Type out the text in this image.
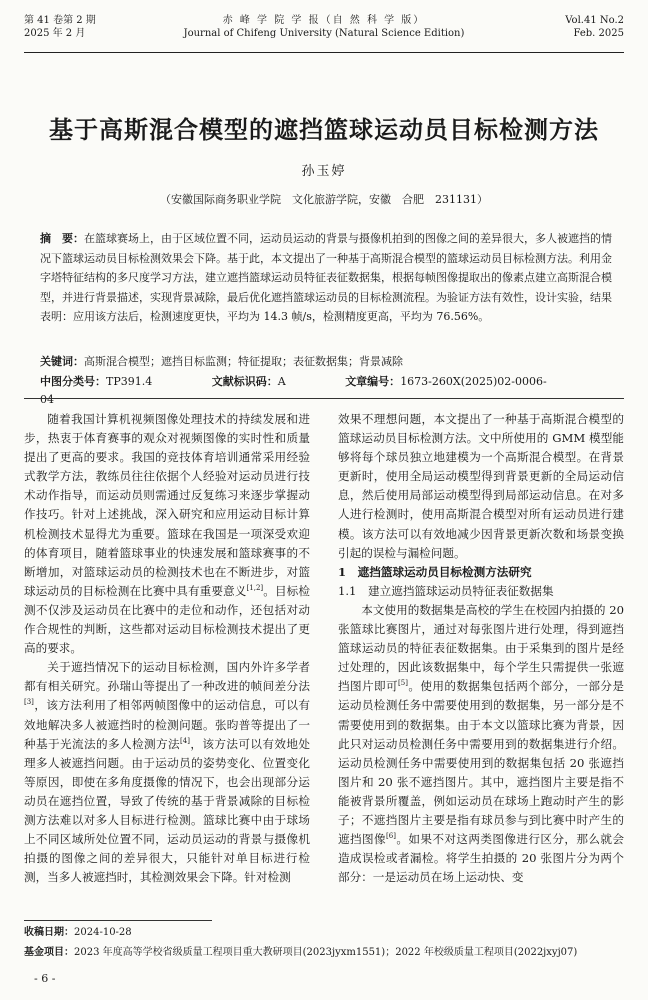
第 41 卷第 2 期
2025 年 2 月
赤 峰 学 院 学 报（自 然 科 学 版）
Journal of Chifeng University (Natural Science Edition)
Vol.41 No.2
Feb. 2025
基于高斯混合模型的遮挡篮球运动员目标检测方法
孙玉婷
（安徽国际商务职业学院　文化旅游学院，安徽　合肥　231131）
摘　要：在篮球赛场上，由于区域位置不同，运动员运动的背景与摄像机拍到的图像之间的差异很大，多人被遮挡的情况下篮球运动员目标检测效果会下降。基于此，本文提出了一种基于高斯混合模型的篮球运动员目标检测方法。利用金字塔特征结构的多尺度学习方法，建立遮挡篮球运动员特征表征数据集，根据每帧图像提取出的像素点建立高斯混合模型，并进行背景描述，实现背景减除，最后优化遮挡篮球运动员的目标检测流程。为验证方法有效性，设计实验，结果表明：应用该方法后，检测速度更快，平均为 14.3 帧/s，检测精度更高，平均为 76.56%。
关键词：高斯混合模型；遮挡目标监测；特征提取；表征数据集；背景减除
中图分类号：TP391.4	文献标识码：A	文章编号：1673-260X(2025)02-0006-04

随着我国计算机视频图像处理技术的持续发展和进步，热衷于体育赛事的观众对视频图像的实时性和质量提出了更高的要求。我国的竞技体育培训通常采用经验式教学方法，教练员往往依据个人经验对运动员进行技术动作指导，而运动员则需通过反复练习来逐步掌握动作技巧。针对上述挑战，深入研究和应用运动目标计算机检测技术显得尤为重要。篮球在我国是一项深受欢迎的体育项目，随着篮球事业的快速发展和篮球赛事的不断增加，对篮球运动员的检测技术也在不断进步，对篮球运动员的目标检测在比赛中具有重要意义[1,2]。目标检测不仅涉及运动员在比赛中的走位和动作，还包括对动作合规性的判断，这些都对运动目标检测技术提出了更高的要求。

关于遮挡情况下的运动目标检测，国内外许多学者都有相关研究。孙瑞山等提出了一种改进的帧间差分法[3]，该方法利用了相邻两帧图像中的运动信息，可以有效地解决多人被遮挡时的检测问题。张昀普等提出了一种基于光流法的多人检测方法[4]，该方法可以有效地处理多人被遮挡问题。由于运动员的姿势变化、位置变化等原因，即使在多角度摄像的情况下，也会出现部分运动员在遮挡位置，导致了传统的基于背景减除的目标检测方法难以对多人目标进行检测。篮球比赛中由于球场上不同区域所处位置不同，运动员运动的背景与摄像机拍摄的图像之间的差异很大，只能针对单目标进行检测，当多人被遮挡时，其检测效果会下降。针对检测

效果不理想问题，本文提出了一种基于高斯混合模型的篮球运动员目标检测方法。文中所使用的 GMM 模型能够将每个球员独立地建模为一个高斯混合模型。在背景更新时，使用全局运动模型得到背景更新的全局运动信息，然后使用局部运动模型得到局部运动信息。在对多人进行检测时，使用高斯混合模型对所有运动员进行建模。该方法可以有效地减少因背景更新次数和场景变换引起的误检与漏检问题。

1　遮挡篮球运动员目标检测方法研究
1.1　建立遮挡篮球运动员特征表征数据集

本文使用的数据集是高校的学生在校园内拍摄的 20 张篮球比赛图片，通过对每张图片进行处理，得到遮挡篮球运动员的特征表征数据集。由于采集到的图片是经过处理的，因此该数据集中，每个学生只需提供一张遮挡图片即可[5]。使用的数据集包括两个部分，一部分是运动员检测任务中需要使用到的数据集，另一部分是不需要使用到的数据集。由于本文以篮球比赛为背景，因此只对运动员检测任务中需要用到的数据集进行介绍。运动员检测任务中需要使用到的数据集包括 20 张遮挡图片和 20 张不遮挡图片。其中，遮挡图片主要是指不能被背景所覆盖，例如运动员在球场上跑动时产生的影子；不遮挡图片主要是指有球员参与到比赛中时产生的遮挡图像[6]。如果不对这两类图像进行区分，那么就会造成误检或者漏检。将学生拍摄的 20 张图片分为两个部分：一是运动员在场上运动快、变

收稿日期：2024-10-28
基金项目：2023 年度高等学校省级质量工程项目重大教研项目(2023jyxm1551)；2022 年校级质量工程项目(2022jxyj07)
- 6 -
